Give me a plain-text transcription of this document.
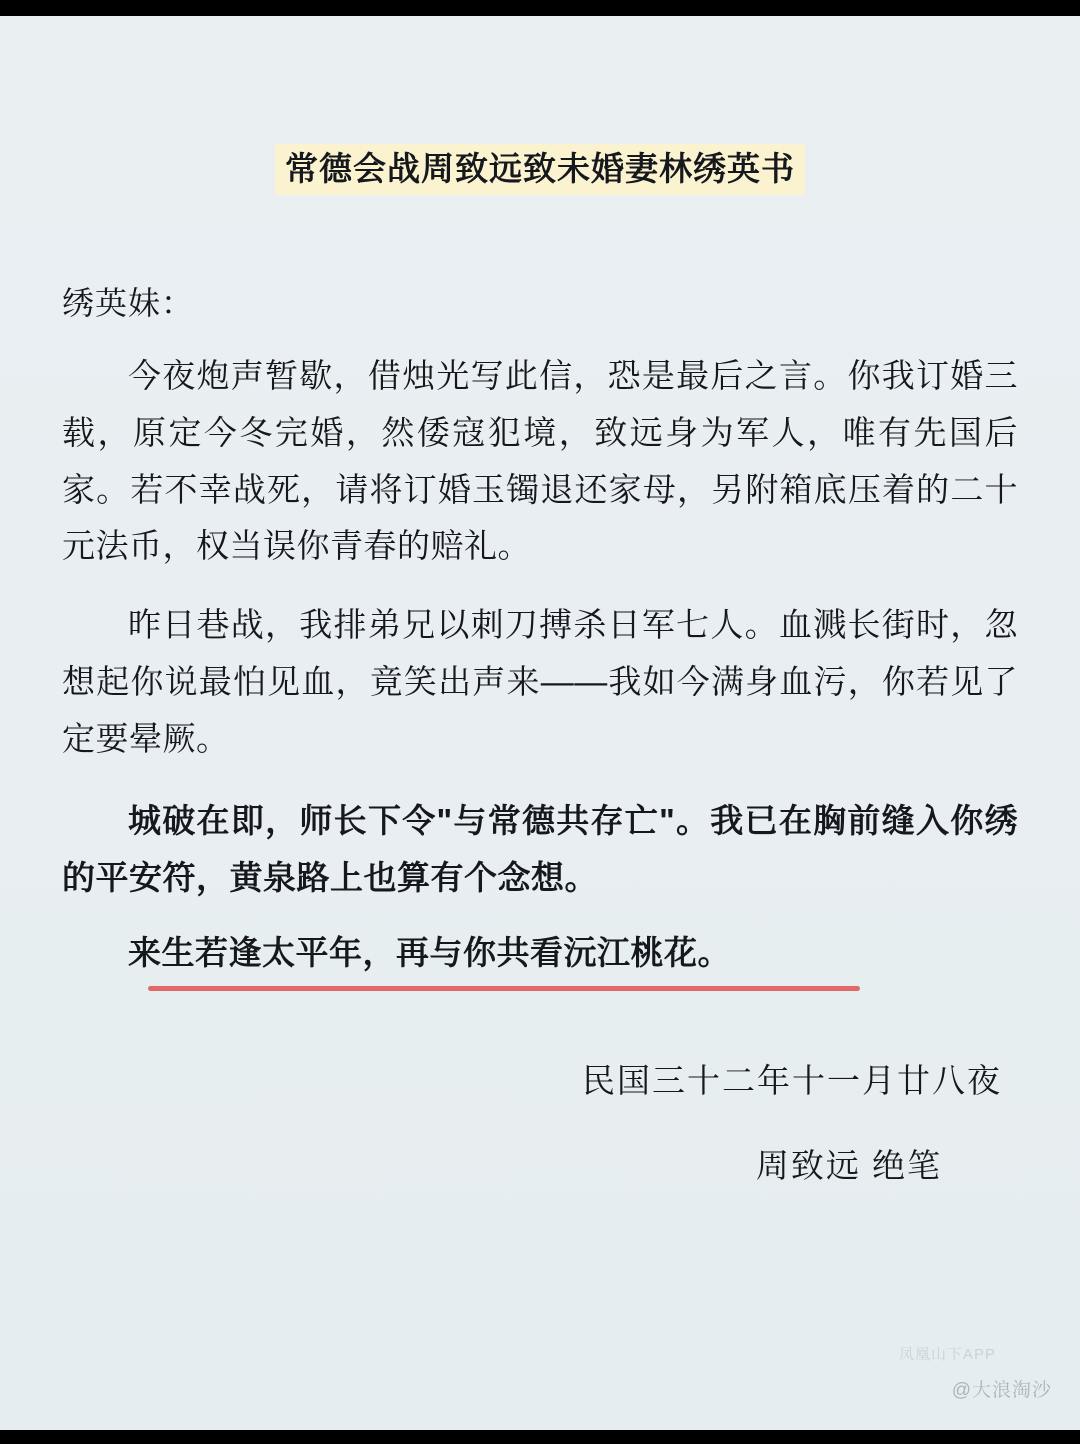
常德会战周致远致未婚妻林绣英书
绣英妹：

今夜炮声暂歇，借烛光写此信，恐是最后之言。你我订婚三载，原定今冬完婚，然倭寇犯境，致远身为军人，唯有先国后家。若不幸战死，请将订婚玉镯退还家母，另附箱底压着的二十元法币，权当误你青春的赔礼。

昨日巷战，我排弟兄以刺刀搏杀日军七人。血溅长街时，忽想起你说最怕见血，竟笑出声来——我如今满身血污，你若见了定要晕厥。

城破在即，师长下令"与常德共存亡"。我已在胸前缝入你绣的平安符，黄泉路上也算有个念想。

来生若逢太平年，再与你共看沅江桃花。

民国三十二年十一月廿八夜
周致远 绝笔
凤凰山下APP
@大浪淘沙
